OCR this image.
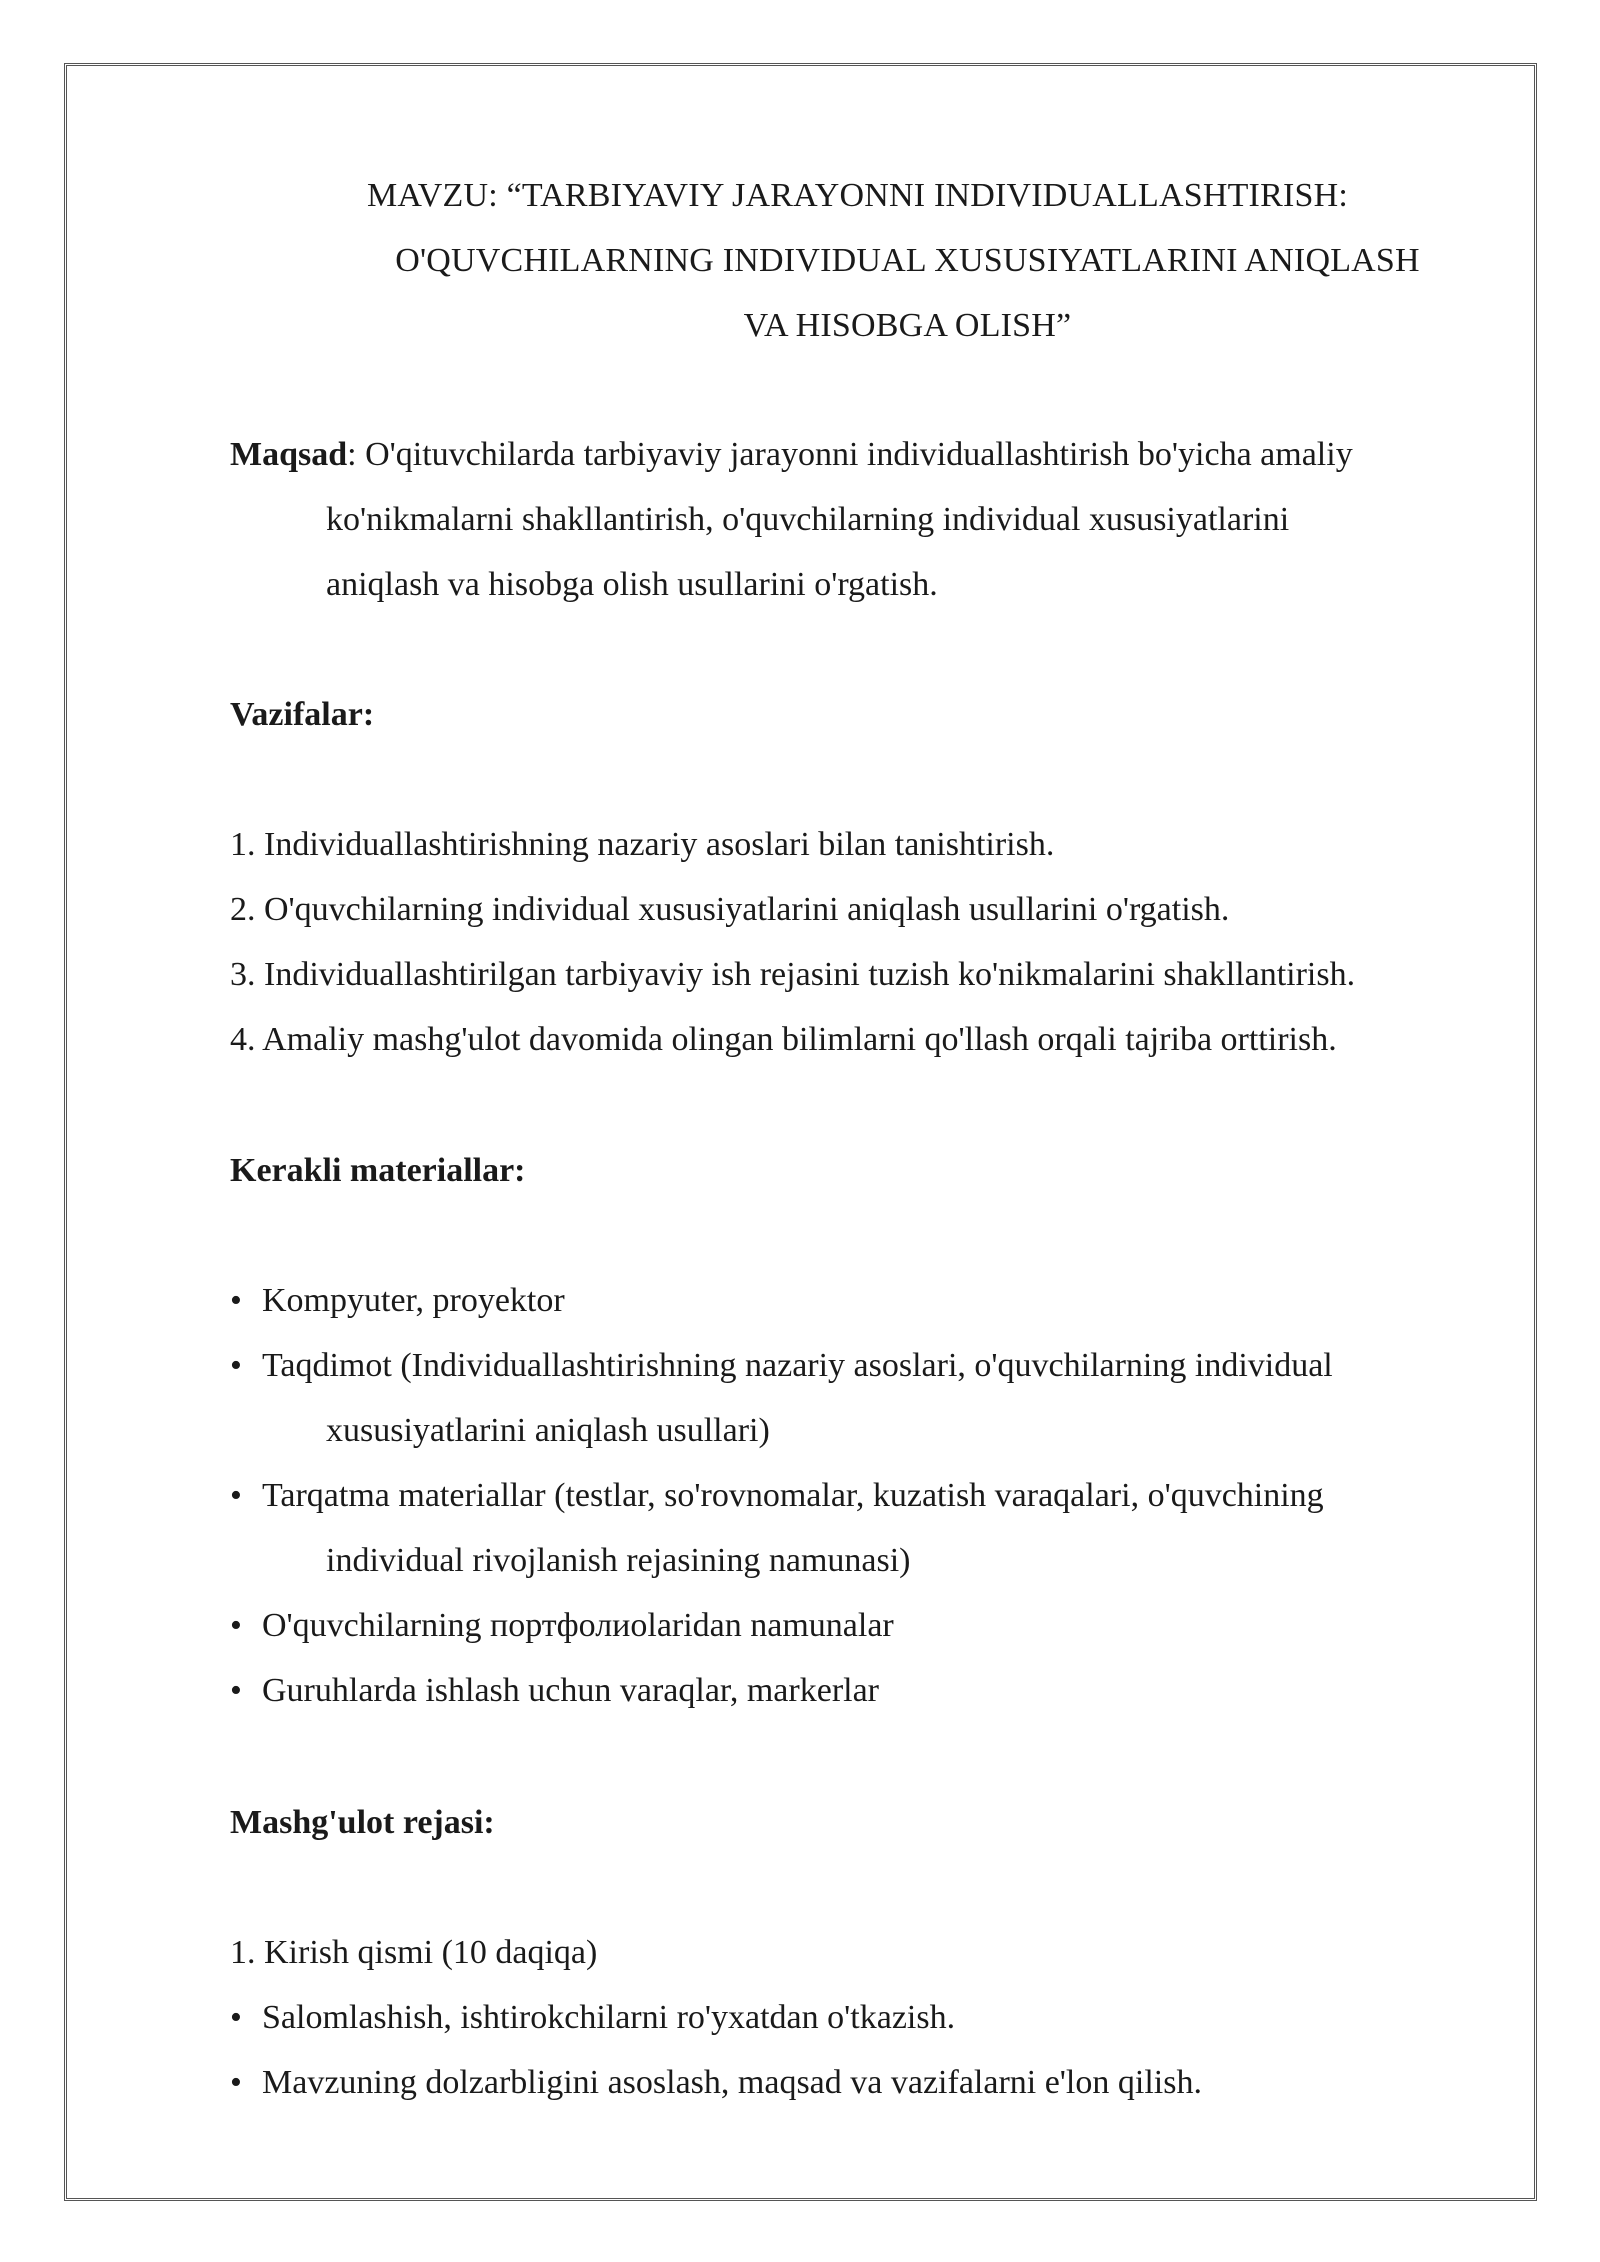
MAVZU: “TARBIYAVIY JARAYONNI INDIVIDUALLASHTIRISH:
O'QUVCHILARNING INDIVIDUAL XUSUSIYATLARINI ANIQLASH
VA HISOBGA OLISH”
Maqsad: O'qituvchilarda tarbiyaviy jarayonni individuallashtirish bo'yicha amaliy
ko'nikmalarni shakllantirish, o'quvchilarning individual xususiyatlarini
aniqlash va hisobga olish usullarini o'rgatish.
Vazifalar:
1. Individuallashtirishning nazariy asoslari bilan tanishtirish.
2. O'quvchilarning individual xususiyatlarini aniqlash usullarini o'rgatish.
3. Individuallashtirilgan tarbiyaviy ish rejasini tuzish ko'nikmalarini shakllantirish.
4. Amaliy mashg'ulot davomida olingan bilimlarni qo'llash orqali tajriba orttirish.
Kerakli materiallar:
• Kompyuter, proyektor
• Taqdimot (Individuallashtirishning nazariy asoslari, o'quvchilarning individual
xususiyatlarini aniqlash usullari)
• Tarqatma materiallar (testlar, so'rovnomalar, kuzatish varaqalari, o'quvchining
individual rivojlanish rejasining namunasi)
• O'quvchilarning портфолиоlaridan namunalar
• Guruhlarda ishlash uchun varaqlar, markerlar
Mashg'ulot rejasi:
1. Kirish qismi (10 daqiqa)
• Salomlashish, ishtirokchilarni ro'yxatdan o'tkazish.
• Mavzuning dolzarbligini asoslash, maqsad va vazifalarni e'lon qilish.
